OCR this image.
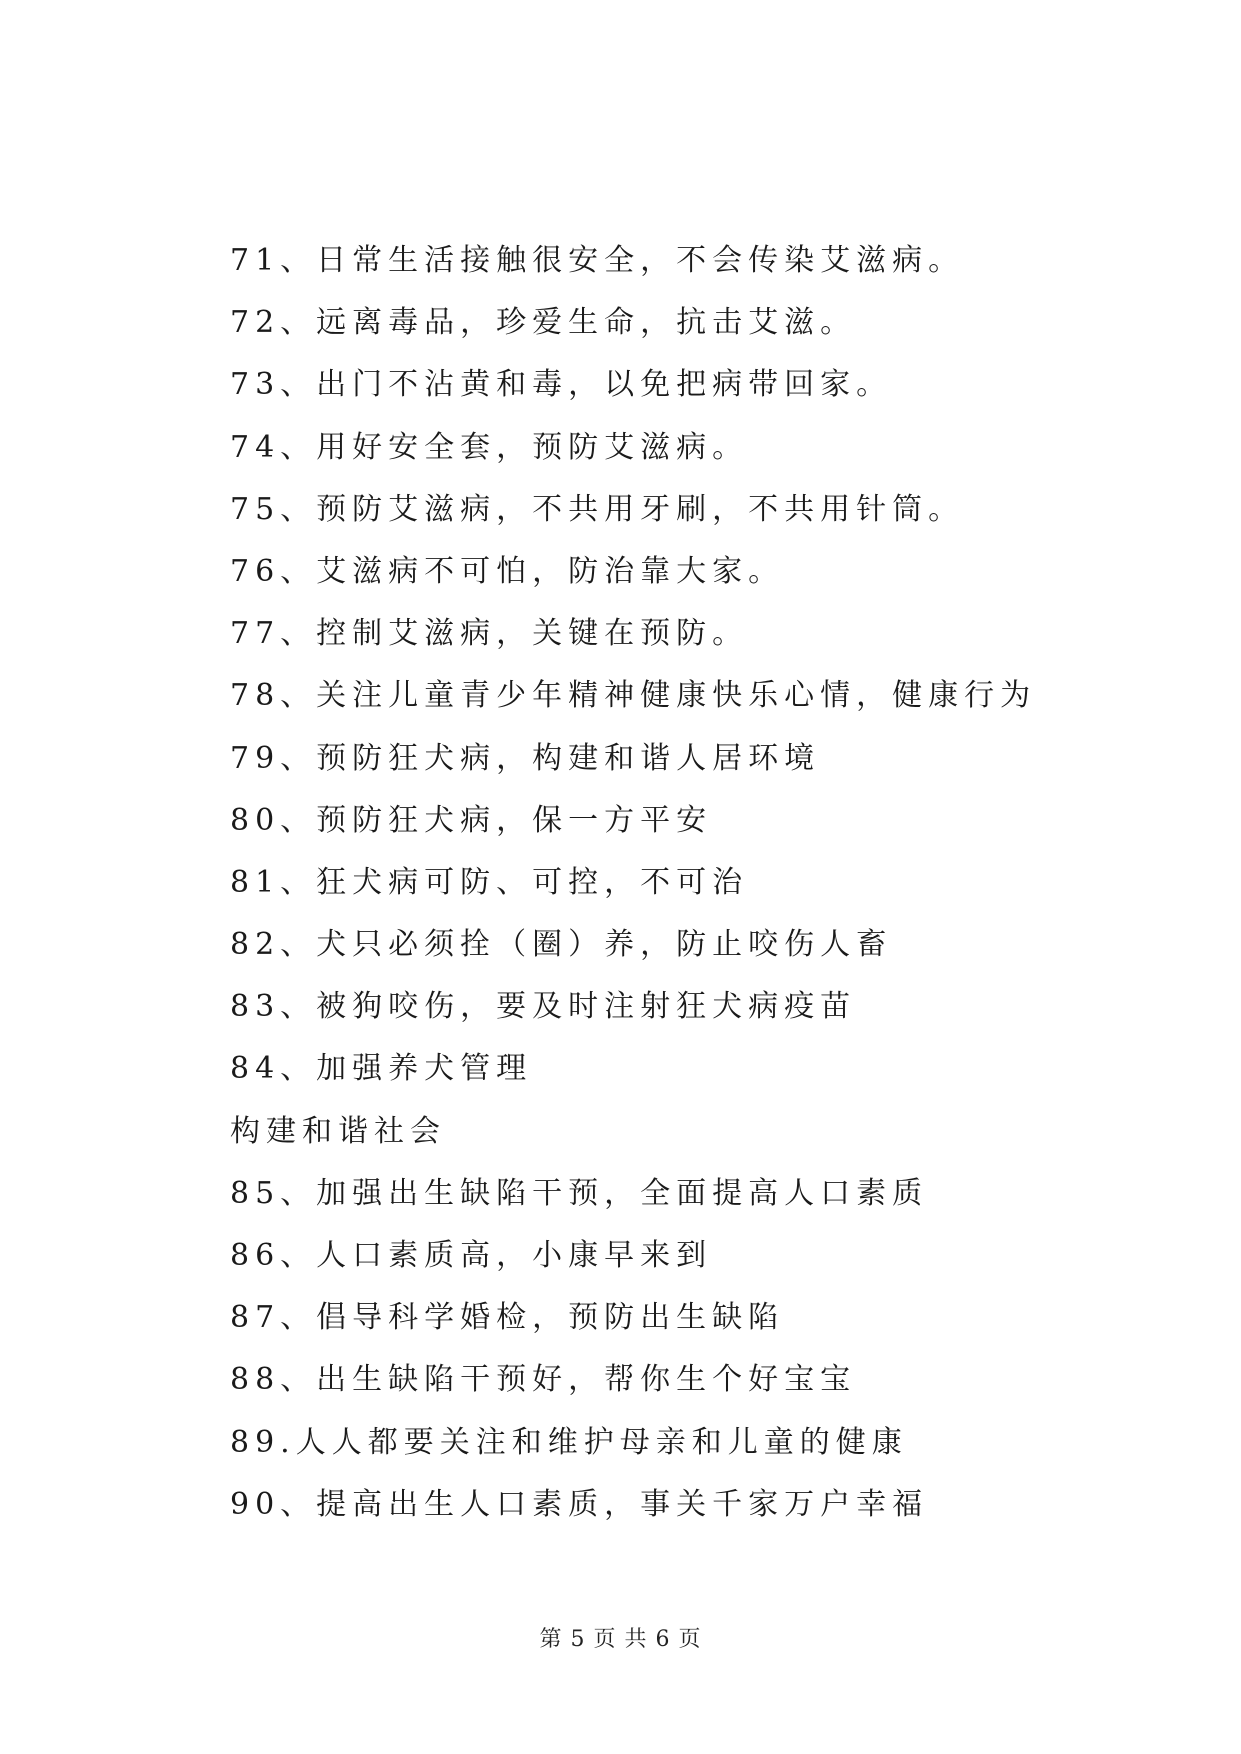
71、日常生活接触很安全，不会传染艾滋病。
72、远离毒品，珍爱生命，抗击艾滋。
73、出门不沾黄和毒，以免把病带回家。
74、用好安全套，预防艾滋病。
75、预防艾滋病，不共用牙刷，不共用针筒。
76、艾滋病不可怕，防治靠大家。
77、控制艾滋病，关键在预防。
78、关注儿童青少年精神健康快乐心情，健康行为
79、预防狂犬病，构建和谐人居环境
80、预防狂犬病，保一方平安
81、狂犬病可防、可控，不可治
82、犬只必须拴（圈）养，防止咬伤人畜
83、被狗咬伤，要及时注射狂犬病疫苗
84、加强养犬管理
构建和谐社会
85、加强出生缺陷干预，全面提高人口素质
86、人口素质高，小康早来到
87、倡导科学婚检，预防出生缺陷
88、出生缺陷干预好，帮你生个好宝宝
89.人人都要关注和维护母亲和儿童的健康
90、提高出生人口素质，事关千家万户幸福
第 5 页 共 6 页
